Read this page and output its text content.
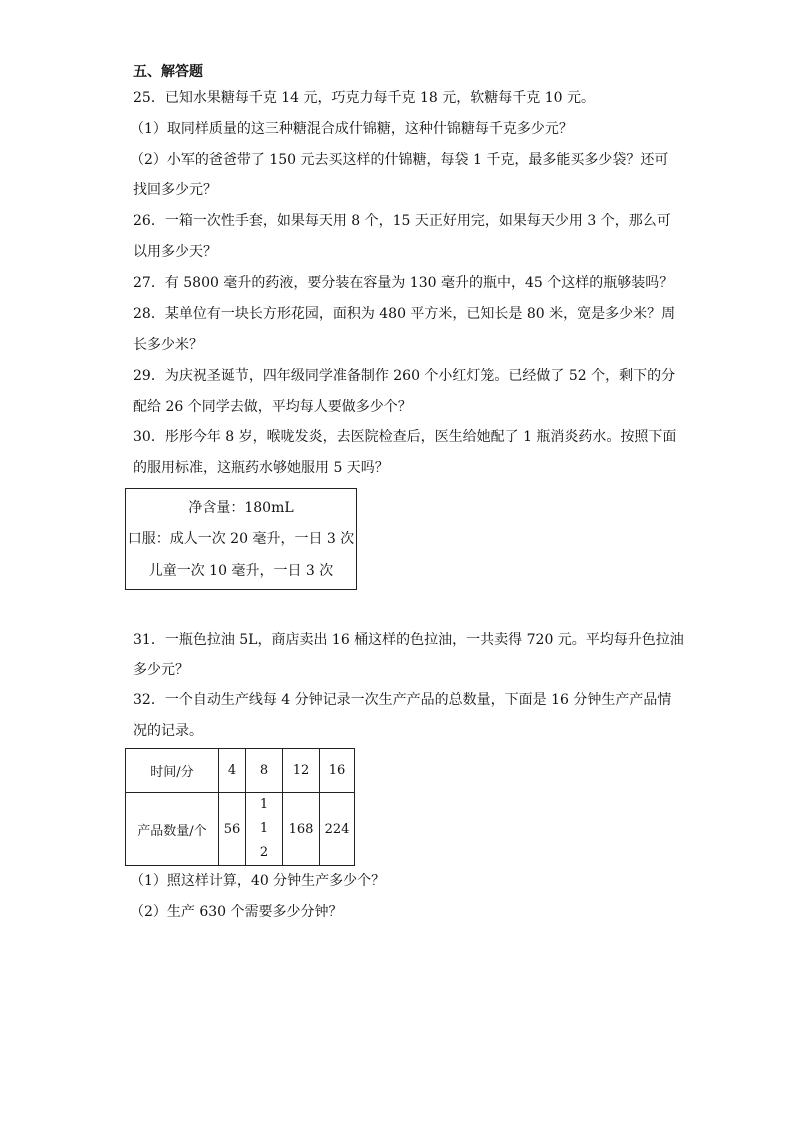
五、解答题
25．已知水果糖每千克 14 元，巧克力每千克 18 元，软糖每千克 10 元。
（1）取同样质量的这三种糖混合成什锦糖，这种什锦糖每千克多少元？
（2）小军的爸爸带了 150 元去买这样的什锦糖，每袋 1 千克，最多能买多少袋？还可
找回多少元？
26．一箱一次性手套，如果每天用 8 个，15 天正好用完，如果每天少用 3 个，那么可
以用多少天？
27．有 5800 毫升的药液，要分装在容量为 130 毫升的瓶中，45 个这样的瓶够装吗？
28．某单位有一块长方形花园，面积为 480 平方米，已知长是 80 米，宽是多少米？周
长多少米？
29．为庆祝圣诞节，四年级同学准备制作 260 个小红灯笼。已经做了 52 个，剩下的分
配给 26 个同学去做，平均每人要做多少个？
30．彤彤今年 8 岁，喉咙发炎，去医院检查后，医生给她配了 1 瓶消炎药水。按照下面
的服用标准，这瓶药水够她服用 5 天吗？
净含量：180mL
口服：成人一次 20 毫升，一日 3 次
儿童一次 10 毫升，一日 3 次
31．一瓶色拉油 5L，商店卖出 16 桶这样的色拉油，一共卖得 720 元。平均每升色拉油
多少元？
32．一个自动生产线每 4 分钟记录一次生产产品的总数量，下面是 16 分钟生产产品情
况的记录。
时间/分	4	8	12	16
产品数量/个	56	112	168	224
（1）照这样计算，40 分钟生产多少个？
（2）生产 630 个需要多少分钟？
